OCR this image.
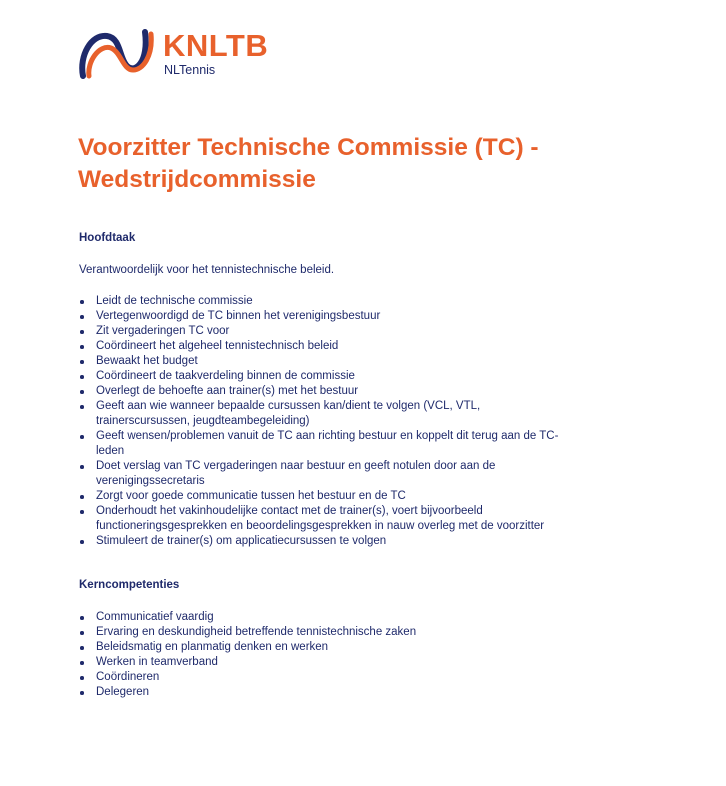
KNLTB
NLTennis
Voorzitter Technische Commissie (TC) -
Wedstrijdcommissie
Hoofdtaak

Verantwoordelijk voor het tennistechnische beleid.

Leidt de technische commissie
Vertegenwoordigd de TC binnen het verenigingsbestuur
Zit vergaderingen TC voor
Coördineert het algeheel tennistechnisch beleid
Bewaakt het budget
Coördineert de taakverdeling binnen de commissie
Overlegt de behoefte aan trainer(s) met het bestuur
Geeft aan wie wanneer bepaalde cursussen kan/dient te volgen (VCL, VTL,
trainerscursussen, jeugdteambegeleiding)
Geeft wensen/problemen vanuit de TC aan richting bestuur en koppelt dit terug aan de TC-
leden
Doet verslag van TC vergaderingen naar bestuur en geeft notulen door aan de
verenigingssecretaris
Zorgt voor goede communicatie tussen het bestuur en de TC
Onderhoudt het vakinhoudelijke contact met de trainer(s), voert bijvoorbeeld
functioneringsgesprekken en beoordelingsgesprekken in nauw overleg met de voorzitter
Stimuleert de trainer(s) om applicatiecursussen te volgen
Kerncompetenties
Communicatief vaardig
Ervaring en deskundigheid betreffende tennistechnische zaken
Beleidsmatig en planmatig denken en werken
Werken in teamverband
Coördineren
Delegeren
